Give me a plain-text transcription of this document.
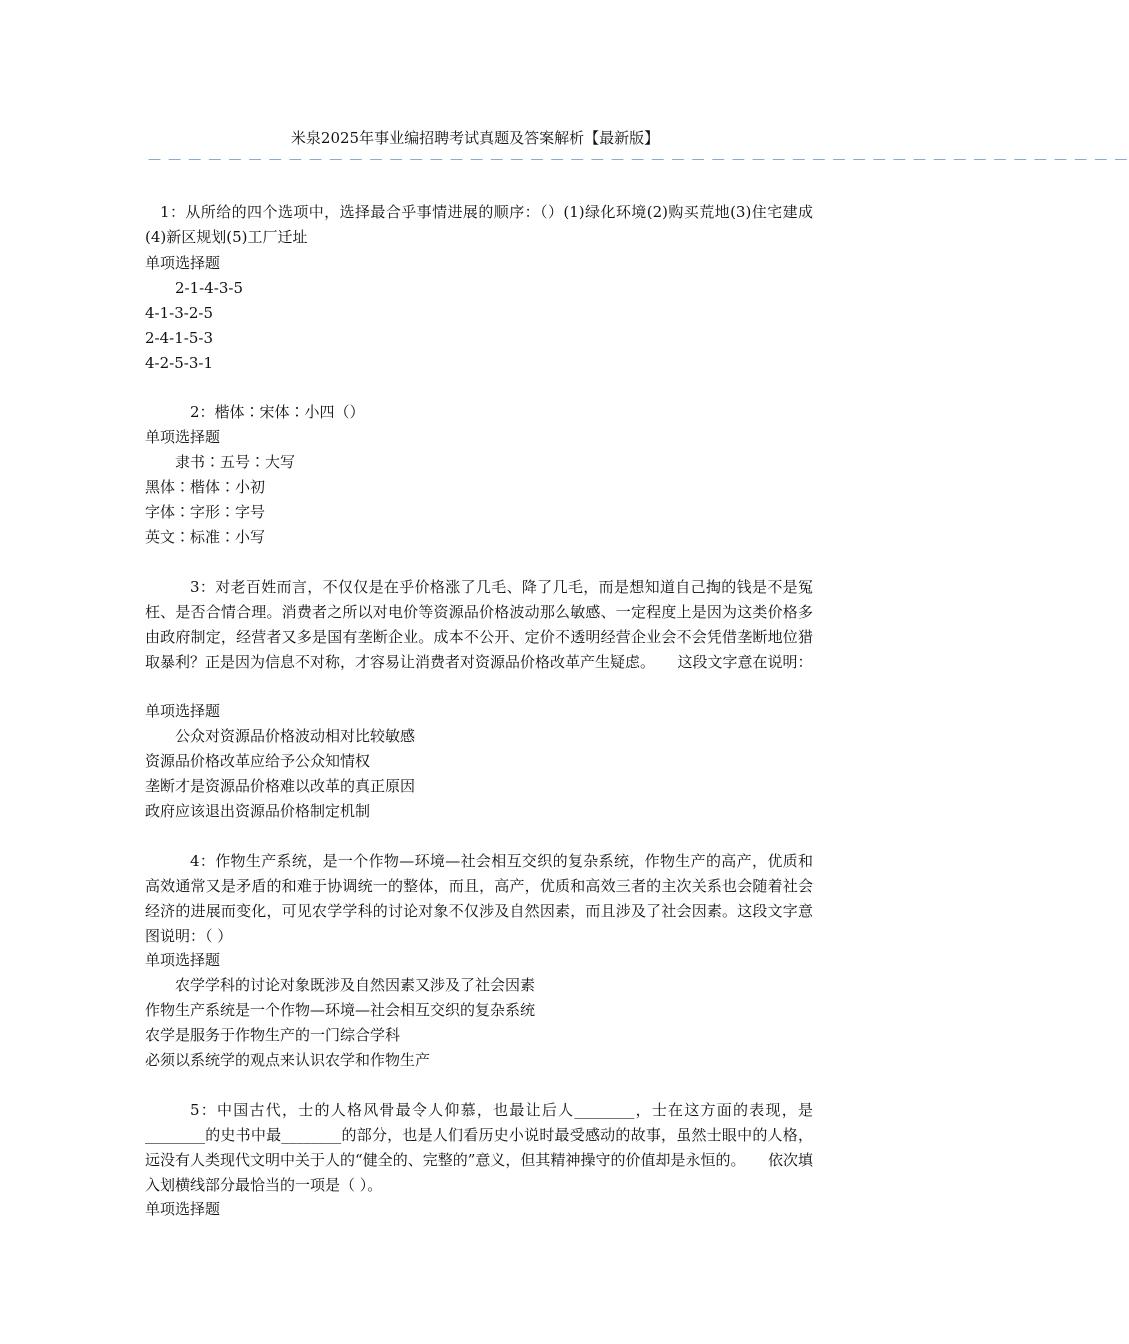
米泉2025年事业编招聘考试真题及答案解析【最新版】
— — — — — — — — — — — — — — — — — — — — — — — — — — — — — — — — — — — — — — — — — — — — — — — — —
1：从所给的四个选项中，选择最合乎事情进展的顺序：（）(1)绿化环境(2)购买荒地(3)住宅建成(4)新区规划(5)工厂迁址
单项选择题
2-1-4-3-5
4-1-3-2-5
2-4-1-5-3
4-2-5-3-1
2：楷体∶宋体∶小四（）
单项选择题
隶书∶五号∶大写
黑体∶楷体∶小初
字体∶字形∶字号
英文∶标准∶小写
3：对老百姓而言，不仅仅是在乎价格涨了几毛、降了几毛，而是想知道自己掏的钱是不是冤枉、是否合情合理。消费者之所以对电价等资源品价格波动那么敏感、一定程度上是因为这类价格多由政府制定，经营者又多是国有垄断企业。成本不公开、定价不透明经营企业会不会凭借垄断地位猎取暴利？正是因为信息不对称，才容易让消费者对资源品价格改革产生疑虑。　　这段文字意在说明：
单项选择题
公众对资源品价格波动相对比较敏感
资源品价格改革应给予公众知情权
垄断才是资源品价格难以改革的真正原因
政府应该退出资源品价格制定机制
4：作物生产系统，是一个作物—环境—社会相互交织的复杂系统，作物生产的高产，优质和高效通常又是矛盾的和难于协调统一的整体，而且，高产，优质和高效三者的主次关系也会随着社会经济的进展而变化，可见农学学科的讨论对象不仅涉及自然因素，而且涉及了社会因素。这段文字意图说明：（ ）
单项选择题
农学学科的讨论对象既涉及自然因素又涉及了社会因素
作物生产系统是一个作物—环境—社会相互交织的复杂系统
农学是服务于作物生产的一门综合学科
必须以系统学的观点来认识农学和作物生产
5：中国古代，士的人格风骨最令人仰慕，也最让后人________，士在这方面的表现，是________的史书中最________的部分，也是人们看历史小说时最受感动的故事，虽然士眼中的人格，远没有人类现代文明中关于人的“健全的、完整的”意义，但其精神操守的价值却是永恒的。　　依次填入划横线部分最恰当的一项是（ ）。
单项选择题
